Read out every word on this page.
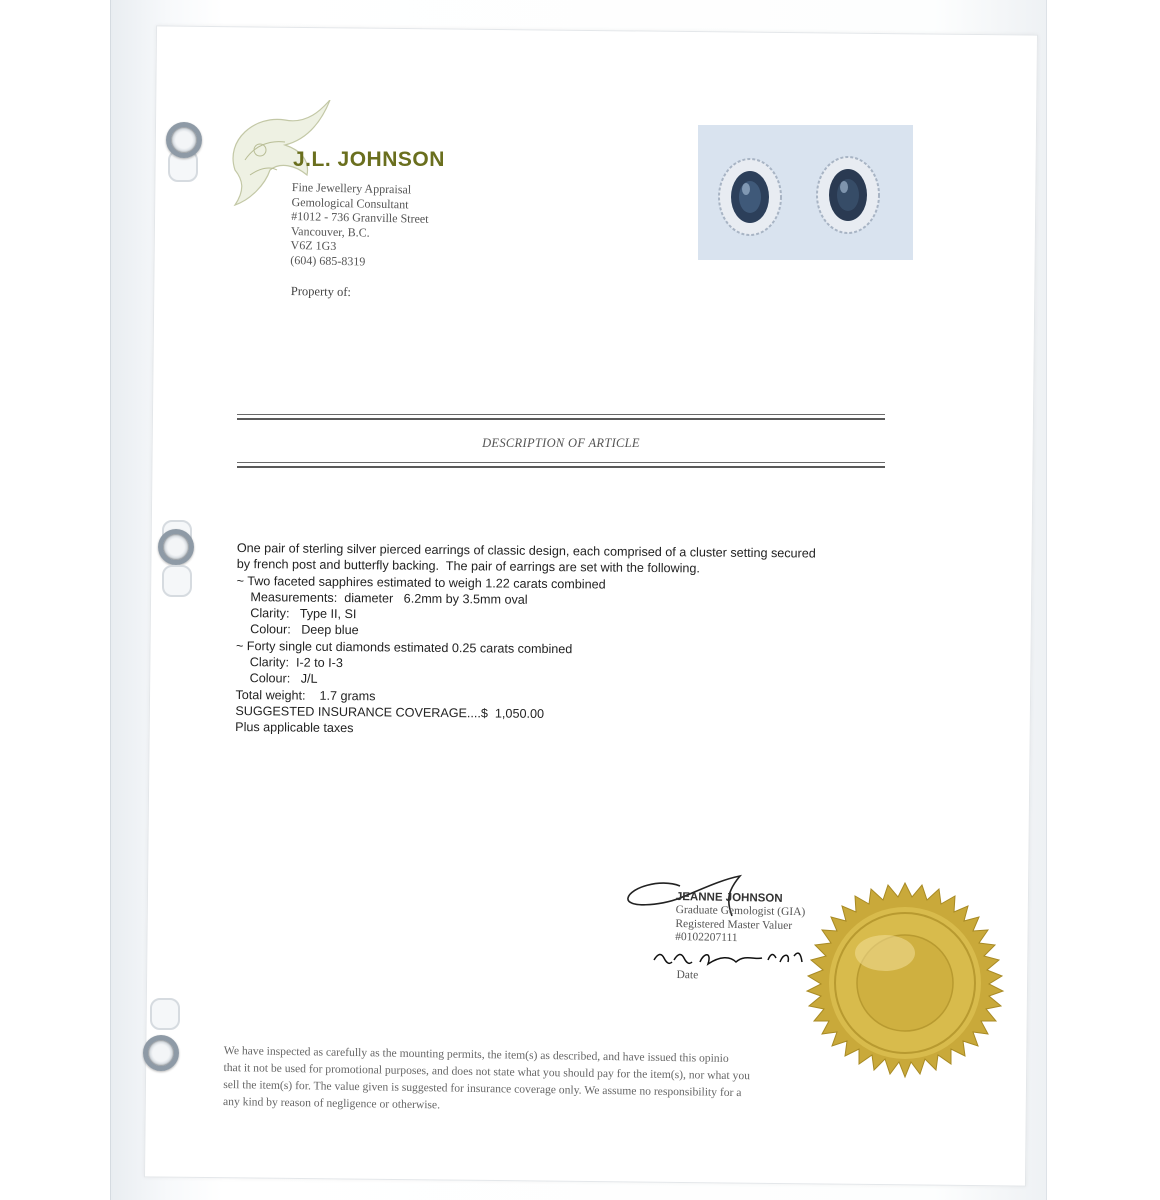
J.L. JOHNSON
Fine Jewellery Appraisal
Gemological Consultant
#1012 - 736 Granville Street
Vancouver, B.C.
V6Z 1G3
(604) 685-8319
Property of:
DESCRIPTION OF ARTICLE
One pair of sterling silver pierced earrings of classic design, each comprised of a cluster setting secured
by french post and butterfly backing.  The pair of earrings are set with the following.
~ Two faceted sapphires estimated to weigh 1.22 carats combined
Measurements:  diameter   6.2mm by 3.5mm oval
Clarity:   Type II, SI
Colour:   Deep blue
~ Forty single cut diamonds estimated 0.25 carats combined
Clarity:  I-2 to I-3
Colour:   J/L
Total weight:    1.7 grams
SUGGESTED INSURANCE COVERAGE....$  1,050.00
Plus applicable taxes
JEANNE JOHNSON
Graduate Gemologist (GIA)
Registered Master Valuer
#0102207111
Date
We have inspected as carefully as the mounting permits, the item(s) as described, and have issued this opinio
that it not be used for promotional purposes, and does not state what you should pay for the item(s), nor what you
sell the item(s) for. The value given is suggested for insurance coverage only. We assume no responsibility for a
any kind by reason of negligence or otherwise.
